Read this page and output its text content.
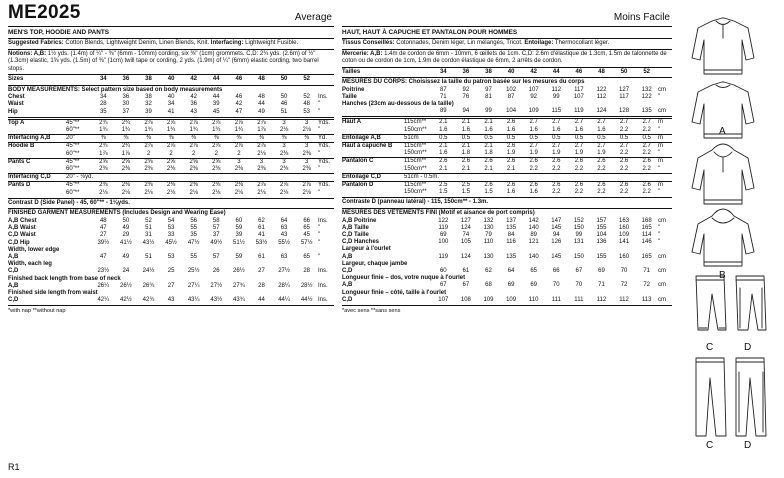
ME2025	Average
MEN'S TOP, HOODIE AND PANTS
Suggested Fabrics: Cotton Blends, Lightweight Denim, Linen Blends, Knit. Interfacing: Lightweight Fusible.
Notions: A,B: 1½ yds. (1.4m) of ¼" - ⅜" (6mm - 10mm) cording, six ⅜" (1cm) grommets. C,D: 2¾ yds. (2.6m) of ½" (1.3cm) elastic, 1⅝ yds. (1.5m) of ⅜" (1cm) twill tape or cording, 2 yds. (1.9m) of ¼" (6mm) elastic cording, two barrel stops.
Sizes		34	36	38	40	42	44	46	48	50	52	
BODY MEASUREMENTS: Select pattern size based on body measurements
Chest		34	36	38	40	42	44	46	48	50	52	Ins.
Waist		28	30	32	34	36	39	42	44	46	48	"
Hip		35	37	39	41	43	45	47	49	51	53	"
Top A	45"**	2¾	2¾	2⅞	2⅞	2⅞	2⅞	2⅞	2⅞	3	3	Yds.
	60"**	1¾	1¾	1¾	1¾	1¾	1¾	1¾	1⅞	2⅛	2⅛	"
Interfacing A,B	20"	⅜	⅜	⅜	⅜	⅜	⅜	⅜	⅜	⅜	⅜	Yd.
Hoodie B	45"**	2¾	2¾	2⅞	2⅞	2⅞	2⅞	2⅞	2⅞	3	3	Yds.
	60"**	1⅞	1⅞	2	2	2	2	2	2⅛	2⅜	2⅜	"
Pants C	45"**	2⅝	2⅝	2⅝	2⅝	2⅝	2⅝	3	3	3	3	Yds.
	60"**	2⅜	2⅜	2⅜	2⅜	2⅜	2⅜	2⅜	2⅜	2⅜	2⅜	"
Interfacing C,D	20" - ⅛yd.											
Pants D	45"**	2⅜	2⅜	2⅜	2⅜	2⅜	2⅜	2⅜	2⅞	2⅞	2⅞	Yds.
	60"**	2⅛	2⅛	2⅛	2⅛	2⅛	2⅛	2⅛	2⅛	2⅛	2⅛	"
Contrast D (Side Panel) - 45, 60"** - 1⅛yds.
FINISHED GARMENT MEASUREMENTS (Includes Design and Wearing Ease)
A,B Chest		48	50	52	54	56	58	60	62	64	66	Ins.
A,B Waist		47	49	51	53	55	57	59	61	63	65	"
C,D Waist		27	29	31	33	35	37	39	41	43	45	"
C,D Hip		39½	41½	43½	45½	47½	49½	51½	53½	55½	57½	"
Width, lower edge												
A,B		47	49	51	53	55	57	59	61	63	65	"
Width, each leg												
C,D		23½	24	24½	25	25½	26	26½	27	27½	28	Ins.
Finished back length from base of neck												
A,B		26¼	26½	26¾	27	27¼	27½	27¾	28	28¼	28½	Ins.
Finished side length from waist												
C,D		42¼	42½	42¾	43	43¼	43½	43¾	44	44¼	44½	Ins.
*with nap **without nap
Moins Facile
HAUT, HAUT À CAPUCHE ET PANTALON POUR HOMMES
Tissus Conseillés: Cotonnades, Denim léger, Lin mélangés, Tricot. Entoilage: Thermocollant léger.
Mercerie: A,B: 1.4m de cordon de 6mm - 10mm, 6 œillets de 1cm. C,D: 2.6m d'élastique de 1.3cm, 1.5m de talonnette de coton ou de cordon de 1cm, 1.9m de cordon élastique de 6mm, 2 arrêts de cordon.
Tailles		34	36	38	40	42	44	46	48	50	52	
MESURES DU CORPS: Choisissez la taille du patron basée sur les mesures du corps
Poitrine		87	92	97	102	107	112	117	122	127	132	cm
Taille		71	76	81	87	92	99	107	112	117	122	"
Hanches (23cm au-dessous de la taille)												
		89	94	99	104	109	115	119	124	128	135	cm
Haut A	115cm**	2.1	2.1	2.1	2.6	2.7	2.7	2.7	2.7	2.7	2.7	m
	150cm**	1.6	1.6	1.6	1.6	1.6	1.6	1.6	1.6	2.2	2.2	"
Entoilage A,B	51cm	0.5	0.5	0.5	0.5	0.5	0.5	0.5	0.5	0.5	0.5	m
Haut à capuche B	115cm**	2.1	2.1	2.1	2.6	2.7	2.7	2.7	2.7	2.7	2.7	m
	150cm**	1.6	1.8	1.8	1.9	1.9	1.9	1.9	1.9	2.2	2.2	"
Pantalon C	115cm**	2.6	2.6	2.6	2.6	2.6	2.6	2.6	2.6	2.6	2.6	m
	150cm**	2.1	2.1	2.1	2.1	2.2	2.2	2.2	2.2	2.2	2.2	"
Entoilage C,D	51cm - 0.5m.											
Pantalon D	115cm**	2.5	2.5	2.6	2.6	2.6	2.6	2.6	2.6	2.6	2.6	m
	150cm**	1.5	1.5	1.5	1.6	1.6	2.2	2.2	2.2	2.2	2.2	"
Contraste D (panneau latéral) - 115, 150cm** - 1.3m.
MESURES DES VÊTEMENTS FINI (Motif et aisance de port compris)
A,B Poitrine		122	127	132	137	142	147	152	157	163	168	cm
A,B Taille		119	124	130	135	140	145	150	155	160	165	"
C,D Taille		69	74	79	84	89	94	99	104	109	114	"
C,D Hanches		100	105	110	116	121	126	131	136	141	146	"
Largeur à l'ourlet												
A,B		119	124	130	135	140	145	150	155	160	165	cm
Largeur, chaque jambe												
C,D		60	61	62	64	65	66	67	69	70	71	cm
Longueur finie – dos, votre nuque à l'ourlet												
A,B		67	67	68	69	69	70	70	71	72	72	cm
Longueur finie – côté, taille à l'ourlet												
C,D		107	108	109	109	110	111	111	112	112	113	cm
*avec sens **sans sens
A
B
C	D
C	D
R1
